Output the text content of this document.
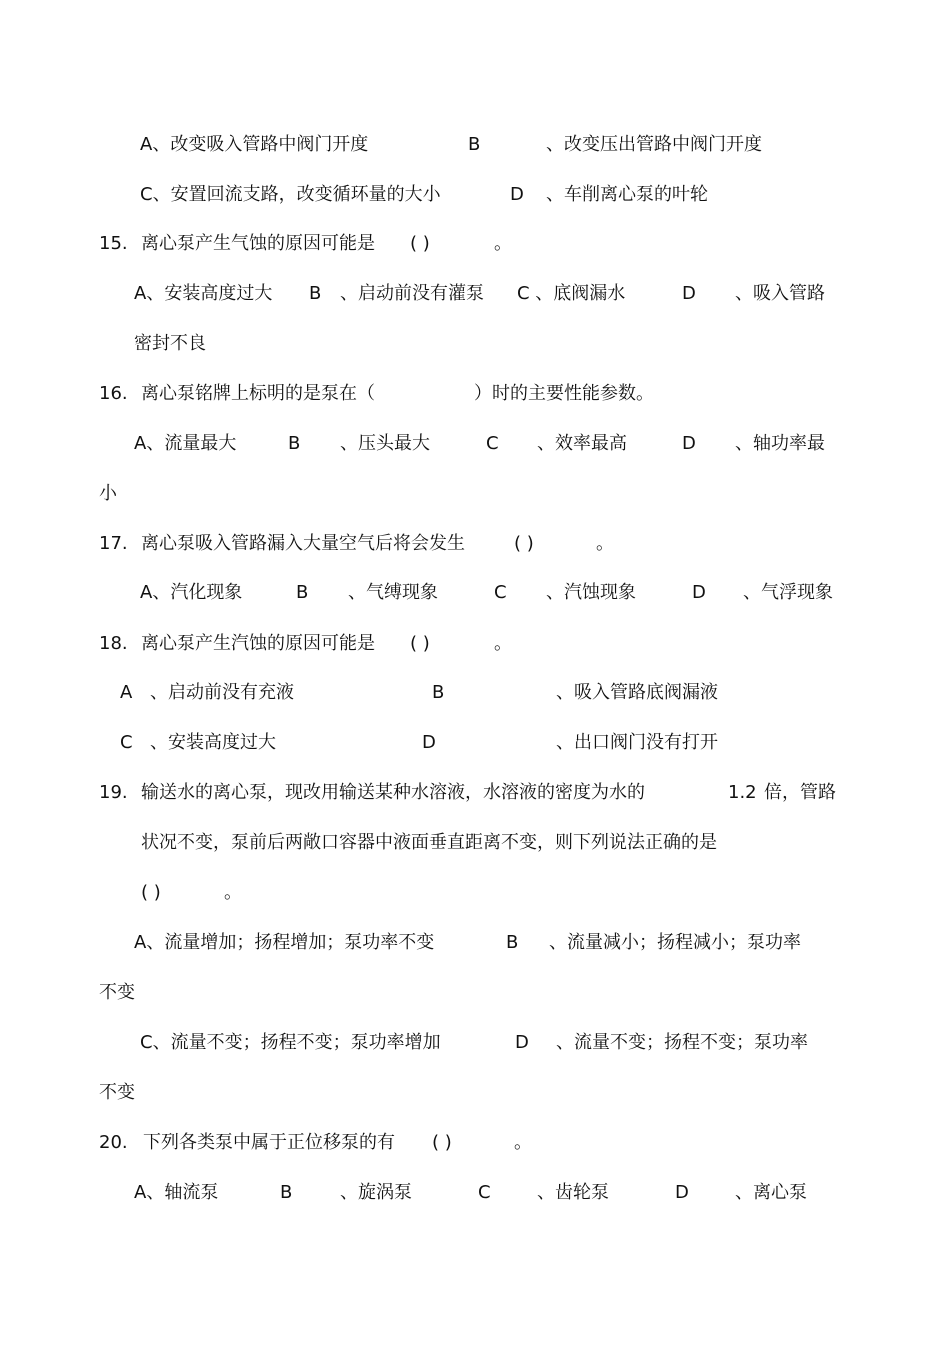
A、改变吸入管路中阀门开度	B	、改变压出管路中阀门开度
C、安置回流支路，改变循环量的大小	D 、车削离心泵的叶轮
15. 离心泵产生气蚀的原因可能是 ( )	。
A、安装高度过大 B 、启动前没有灌泵 C 、底阀漏水	D 、吸入管路
密封不良
16. 离心泵铭牌上标明的是泵在（	）时的主要性能参数。
A、流量最大	B 、压头最大	C 、效率最高	D 、轴功率最
小
17. 离心泵吸入管路漏入大量空气后将会发生	( )	。
A、汽化现象	B 、气缚现象	C 、汽蚀现象	D 、气浮现象
18. 离心泵产生汽蚀的原因可能是 ( )	。
A 、启动前没有充液	B	、吸入管路底阀漏液
C 、安装高度过大	D	、出口阀门没有打开
19. 输送水的离心泵，现改用输送某种水溶液，水溶液的密度为水的	1.2 倍，管路
状况不变，泵前后两敞口容器中液面垂直距离不变，则下列说法正确的是
( )	。
A、流量增加；扬程增加；泵功率不变	B 、流量减小；扬程减小；泵功率
不变
C、流量不变；扬程不变；泵功率增加	D 、流量不变；扬程不变；泵功率
不变
20. 下列各类泵中属于正位移泵的有 ( )	。
A、轴流泵	B	、旋涡泵	C	、齿轮泵	D	、离心泵
